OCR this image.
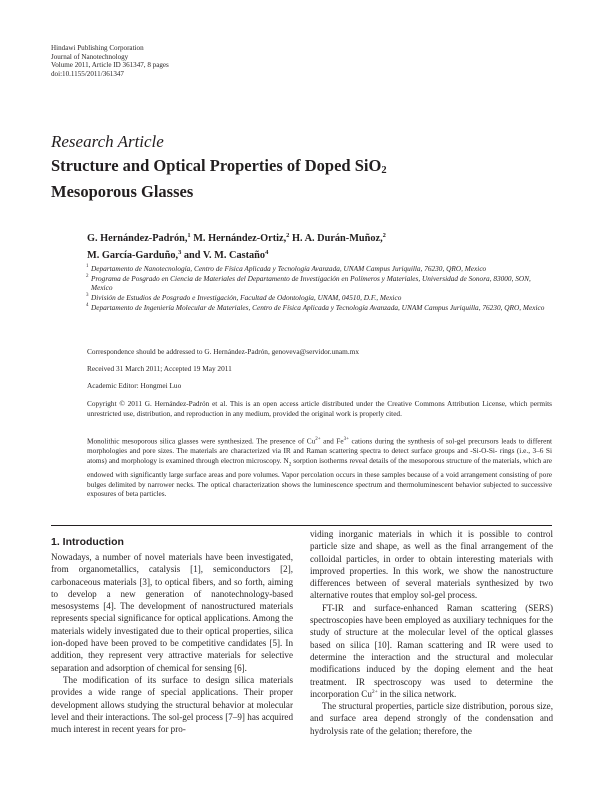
Hindawi Publishing Corporation
Journal of Nanotechnology
Volume 2011, Article ID 361347, 8 pages
doi:10.1155/2011/361347
Research Article
Structure and Optical Properties of Doped SiO$_2$
Mesoporous Glasses
G. Hernández-Padrón,$^1$ M. Hernández-Ortiz,$^2$ H. A. Durán-Muñoz,$^2$
M. García-Garduño,$^3$ and V. M. Castaño$^4$
1 Departamento de Nanotecnología, Centro de Física Aplicada y Tecnología Avanzada, UNAM Campus Juriquilla, 76230, QRO, Mexico
2 Programa de Posgrado en Ciencia de Materiales del Departamento de Investigación en Polímeros y Materiales, Universidad de Sonora, 83000, SON, Mexico
3 División de Estudios de Posgrado e Investigación, Facultad de Odontología, UNAM, 04510, D.F., Mexico
4 Departamento de Ingeniería Molecular de Materiales, Centro de Física Aplicada y Tecnología Avanzada, UNAM Campus Juriquilla, 76230, QRO, Mexico
Correspondence should be addressed to G. Hernández-Padrón, genoveva@servidor.unam.mx
Received 31 March 2011; Accepted 19 May 2011
Academic Editor: Hongmei Luo
Copyright © 2011 G. Hernández-Padrón et al. This is an open access article distributed under the Creative Commons Attribution License, which permits unrestricted use, distribution, and reproduction in any medium, provided the original work is properly cited.
Monolithic mesoporous silica glasses were synthesized. The presence of $Cu^{2+}$ and $Fe^{3+}$ cations during the synthesis of sol-gel precursors leads to different morphologies and pore sizes. The materials are characterized via IR and Raman scattering spectra to detect surface groups and -Si-O-Si- rings (i.e., 3–6 Si atoms) and morphology is examined through electron microscopy. $N_2$ sorption isotherms reveal details of the mesoporous structure of the materials, which are endowed with significantly large surface areas and pore volumes. Vapor percolation occurs in these samples because of a void arrangement consisting of pore bulges delimited by narrower necks. The optical characterization shows the luminescence spectrum and thermoluminescent behavior subjected to successive exposures of beta particles.
1. Introduction

Nowadays, a number of novel materials have been investigated, from organometallics, catalysis [1], semiconductors [2], carbonaceous materials [3], to optical fibers, and so forth, aiming to develop a new generation of nanotechnology-based mesosystems [4]. The development of nanostructured materials represents special significance for optical applications. Among the materials widely investigated due to their optical properties, silica ion-doped have been proved to be competitive candidates [5]. In addition, they represent very attractive materials for selective separation and adsorption of chemical for sensing [6].

The modification of its surface to design silica materials provides a wide range of special applications. Their proper development allows studying the structural behavior at molecular level and their interactions. The sol-gel process [7–9] has acquired much interest in recent years for pro-

viding inorganic materials in which it is possible to control particle size and shape, as well as the final arrangement of the colloidal particles, in order to obtain interesting materials with improved properties. In this work, we show the nanostructure differences between of several materials synthesized by two alternative routes that employ sol-gel process.

FT-IR and surface-enhanced Raman scattering (SERS) spectroscopies have been employed as auxiliary techniques for the study of structure at the molecular level of the optical glasses based on silica [10]. Raman scattering and IR were used to determine the interaction and the structural and molecular modifications induced by the doping element and the heat treatment. IR spectroscopy was used to determine the incorporation $Cu^{2+}$ in the silica network.

The structural properties, particle size distribution, porous size, and surface area depend strongly of the condensation and hydrolysis rate of the gelation; therefore, the
